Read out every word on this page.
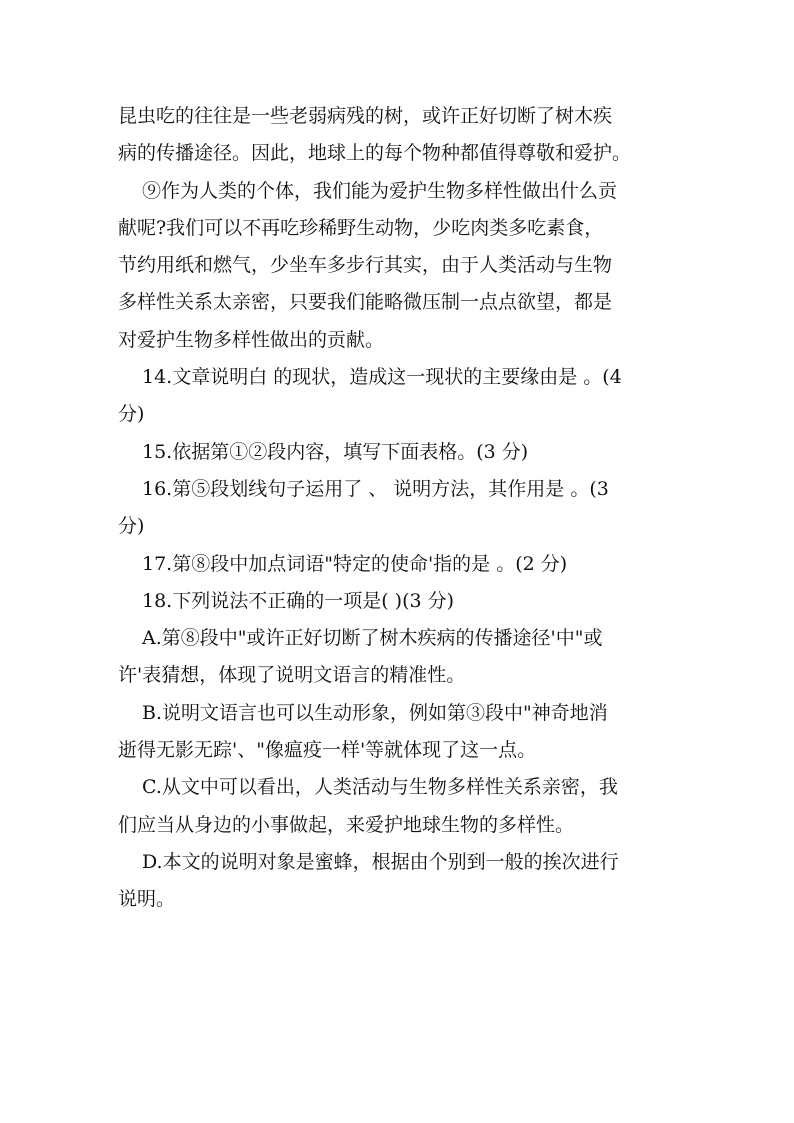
昆虫吃的往往是一些老弱病残的树，或许正好切断了树木疾
病的传播途径。因此，地球上的每个物种都值得尊敬和爱护。
⑨作为人类的个体，我们能为爱护生物多样性做出什么贡
献呢?我们可以不再吃珍稀野生动物，少吃肉类多吃素食，
节约用纸和燃气，少坐车多步行其实，由于人类活动与生物
多样性关系太亲密，只要我们能略微压制一点点欲望，都是
对爱护生物多样性做出的贡献。
14.文章说明白 的现状，造成这一现状的主要缘由是 。(4
分)
15.依据第①②段内容，填写下面表格。(3 分)
16.第⑤段划线句子运用了 、 说明方法，其作用是 。(3
分)
17.第⑧段中加点词语"特定的使命'指的是 。(2 分)
18.下列说法不正确的一项是( )(3 分)
A.第⑧段中"或许正好切断了树木疾病的传播途径'中"或
许'表猜想，体现了说明文语言的精准性。
B.说明文语言也可以生动形象，例如第③段中"神奇地消
逝得无影无踪'、"像瘟疫一样'等就体现了这一点。
C.从文中可以看出，人类活动与生物多样性关系亲密，我
们应当从身边的小事做起，来爱护地球生物的多样性。
D.本文的说明对象是蜜蜂，根据由个别到一般的挨次进行
说明。
